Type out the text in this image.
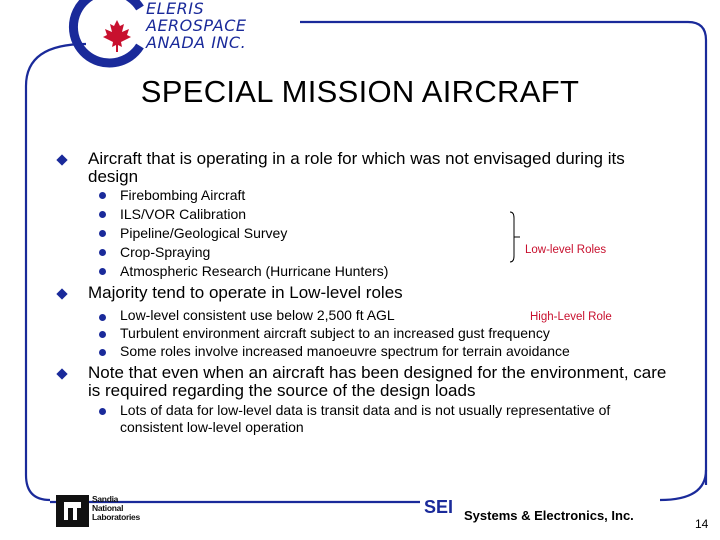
ELERIS
AEROSPACE
ANADA INC.
SPECIAL MISSION AIRCRAFT
Aircraft that is operating in a role for which was not envisaged during its design
Firebombing Aircraft
ILS/VOR Calibration
Pipeline/Geological Survey
Crop-Spraying
Atmospheric Research (Hurricane Hunters)
Low-level Roles
Majority tend to operate in Low-level roles
Low-level consistent use below 2,500 ft AGL
Turbulent environment aircraft subject to an increased gust frequency
Some roles involve increased manoeuvre spectrum for terrain avoidance
High-Level Role
Note that even when an aircraft has been designed for the environment, care is required regarding the source of the design loads
Lots of data for low-level data is transit data and is not usually representative of consistent low-level operation
Sandia
National
Laboratories	SEI Systems & Electronics, Inc.
14
